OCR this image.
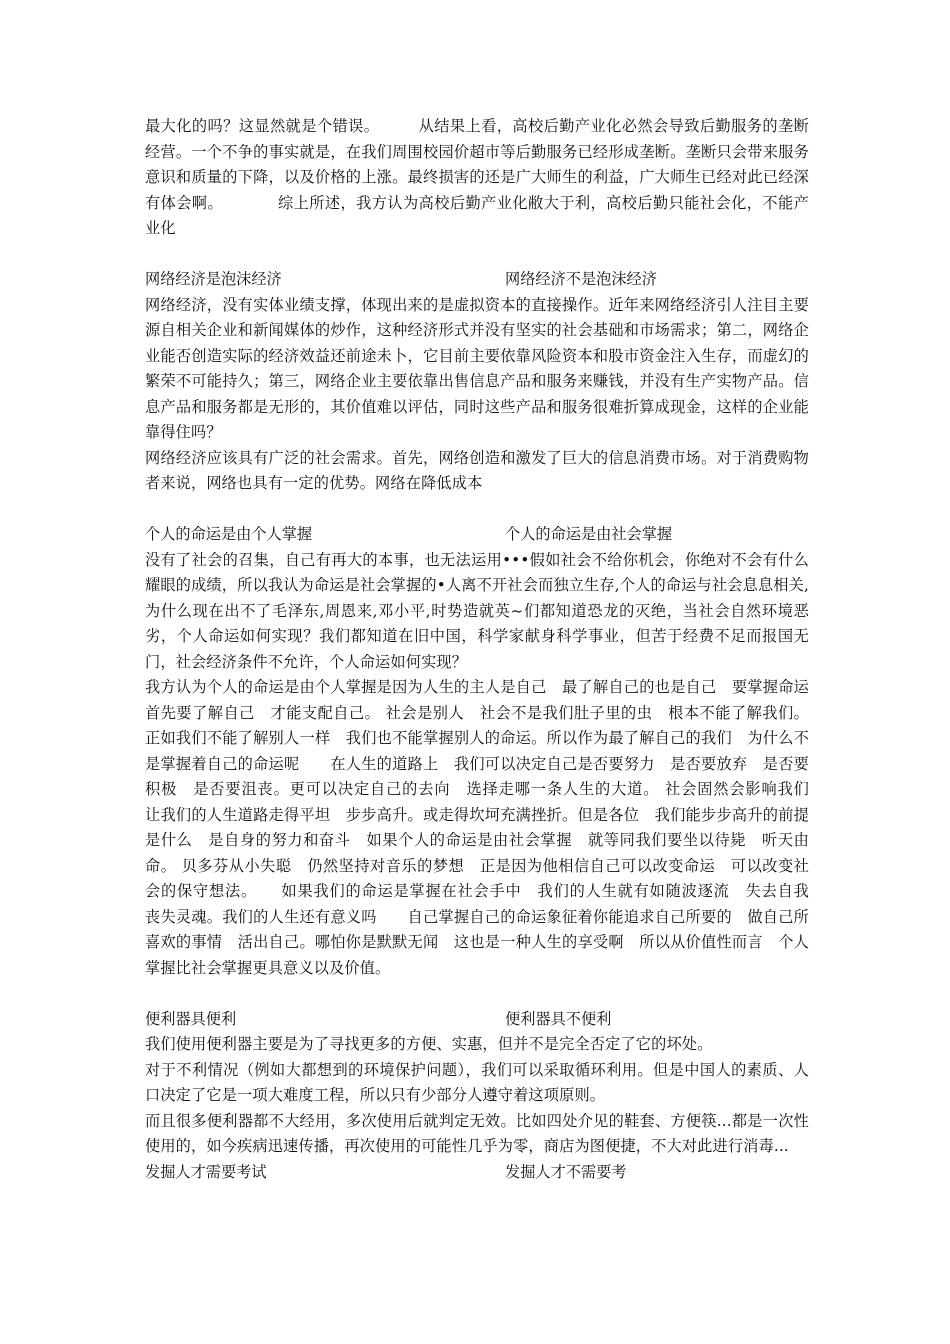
最大化的吗？这显然就是个错误。　　　从结果上看，高校后勤产业化必然会导致后勤服务的垄断经营。一个不争的事实就是，在我们周围校园价超市等后勤服务已经形成垄断。垄断只会带来服务意识和质量的下降，以及价格的上涨。最终损害的还是广大师生的利益，广大师生已经对此已经深有体会啊。　　　　综上所述，我方认为高校后勤产业化敝大于利，高校后勤只能社会化，不能产业化

网络经济是泡沫经济	网络经济不是泡沫经济

网络经济，没有实体业绩支撑，体现出来的是虚拟资本的直接操作。近年来网络经济引人注目主要源自相关企业和新闻媒体的炒作，这种经济形式并没有坚实的社会基础和市场需求；第二，网络企业能否创造实际的经济效益还前途未卜，它目前主要依靠风险资本和股市资金注入生存，而虚幻的繁荣不可能持久；第三，网络企业主要依靠出售信息产品和服务来赚钱，并没有生产实物产品。信息产品和服务都是无形的，其价值难以评估，同时这些产品和服务很难折算成现金，这样的企业能靠得住吗？

网络经济应该具有广泛的社会需求。首先，网络创造和激发了巨大的信息消费市场。对于消费购物者来说，网络也具有一定的优势。网络在降低成本

个人的命运是由个人掌握	个人的命运是由社会掌握

没有了社会的召集，自己有再大的本事，也无法运用•••假如社会不给你机会，你绝对不会有什么耀眼的成绩，所以我认为命运是社会掌握的•人离不开社会而独立生存,个人的命运与社会息息相关,为什么现在出不了毛泽东,周恩来,邓小平,时势造就英~们都知道恐龙的灭绝，当社会自然环境恶劣，个人命运如何实现？我们都知道在旧中国，科学家献身科学事业，但苦于经费不足而报国无门，社会经济条件不允许，个人命运如何实现？

我方认为个人的命运是由个人掌握是因为人生的主人是自己　最了解自己的也是自己　要掌握命运　首先要了解自己　才能支配自己。 社会是别人　社会不是我们肚子里的虫　根本不能了解我们。正如我们不能了解别人一样　我们也不能掌握别人的命运。所以作为最了解自己的我们　为什么不是掌握着自己的命运呢　　在人生的道路上　我们可以决定自己是否要努力　是否要放弃　是否要积极　是否要沮丧。更可以决定自己的去向　选择走哪一条人生的大道。 社会固然会影响我们　让我们的人生道路走得平坦　步步高升。或走得坎坷充满挫折。但是各位　我们能步步高升的前提是什么　是自身的努力和奋斗　如果个人的命运是由社会掌握　就等同我们要坐以待毙　听天由命。 贝多芬从小失聪　仍然坚持对音乐的梦想　正是因为他相信自己可以改变命运　可以改变社会的保守想法。　　如果我们的命运是掌握在社会手中　我们的人生就有如随波逐流　失去自我　丧失灵魂。我们的人生还有意义吗　　自己掌握自己的命运象征着你能追求自己所要的　做自己所喜欢的事情　活出自己。哪怕你是默默无闻　这也是一种人生的享受啊　所以从价值性而言　个人掌握比社会掌握更具意义以及价值。

便利器具便利	便利器具不便利

我们使用便利器主要是为了寻找更多的方便、实惠，但并不是完全否定了它的坏处。

对于不利情况（例如大都想到的环境保护问题），我们可以采取循环利用。但是中国人的素质、人口决定了它是一项大难度工程，所以只有少部分人遵守着这项原则。

而且很多便利器都不大经用，多次使用后就判定无效。比如四处介见的鞋套、方便筷...都是一次性使用的，如今疾病迅速传播，再次使用的可能性几乎为零，商店为图便捷，不大对此进行消毒...

发掘人才需要考试	发掘人才不需要考
